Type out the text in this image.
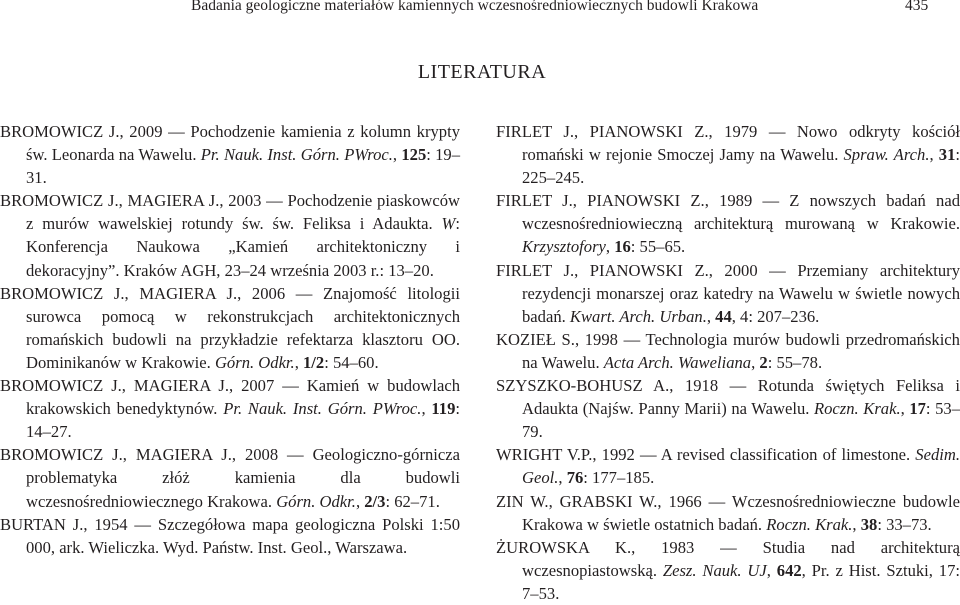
Badania geologiczne materiałów kamiennych wczesnośredniowiecznych budowli Krakowa	435
LITERATURA
BROMOWICZ J., 2009 — Pochodzenie kamienia z kolumn krypty św. Leonarda na Wawelu. Pr. Nauk. Inst. Górn. PWroc., 125: 19–31.
BROMOWICZ J., MAGIERA J., 2003 — Pochodzenie piaskowców z murów wawelskiej rotundy św. św. Feliksa i Adaukta. W: Konferencja Naukowa „Kamień architektoniczny i dekoracyjny”. Kraków AGH, 23–24 września 2003 r.: 13–20.
BROMOWICZ J., MAGIERA J., 2006 — Znajomość litologii surowca pomocą w rekonstrukcjach architektonicznych romańskich budowli na przykładzie refektarza klasztoru OO. Dominikanów w Krakowie. Górn. Odkr., 1/2: 54–60.
BROMOWICZ J., MAGIERA J., 2007 — Kamień w budowlach krakowskich benedyktynów. Pr. Nauk. Inst. Górn. PWroc., 119: 14–27.
BROMOWICZ J., MAGIERA J., 2008 — Geologiczno-górnicza problematyka złóż kamienia dla budowli wczesnośredniowiecznego Krakowa. Górn. Odkr., 2/3: 62–71.
BURTAN J., 1954 — Szczegółowa mapa geologiczna Polski 1:50 000, ark. Wieliczka. Wyd. Państw. Inst. Geol., Warszawa.
FIRLET J., PIANOWSKI Z., 1979 — Nowo odkryty kościół romański w rejonie Smoczej Jamy na Wawelu. Spraw. Arch., 31: 225–245.
FIRLET J., PIANOWSKI Z., 1989 — Z nowszych badań nad wczesnośredniowieczną architekturą murowaną w Krakowie. Krzysztofory, 16: 55–65.
FIRLET J., PIANOWSKI Z., 2000 — Przemiany architektury rezydencji monarszej oraz katedry na Wawelu w świetle nowych badań. Kwart. Arch. Urban., 44, 4: 207–236.
KOZIEŁ S., 1998 — Technologia murów budowli przedromańskich na Wawelu. Acta Arch. Waweliana, 2: 55–78.
SZYSZKO-BOHUSZ A., 1918 — Rotunda świętych Feliksa i Adaukta (Najśw. Panny Marii) na Wawelu. Roczn. Krak., 17: 53–79.
WRIGHT V.P., 1992 — A revised classification of limestone. Sedim. Geol., 76: 177–185.
ZIN W., GRABSKI W., 1966 — Wczesnośredniowieczne budowle Krakowa w świetle ostatnich badań. Roczn. Krak., 38: 33–73.
ŻUROWSKA K., 1983 — Studia nad architekturą wczesnopiastowską. Zesz. Nauk. UJ, 642, Pr. z Hist. Sztuki, 17: 7–53.
